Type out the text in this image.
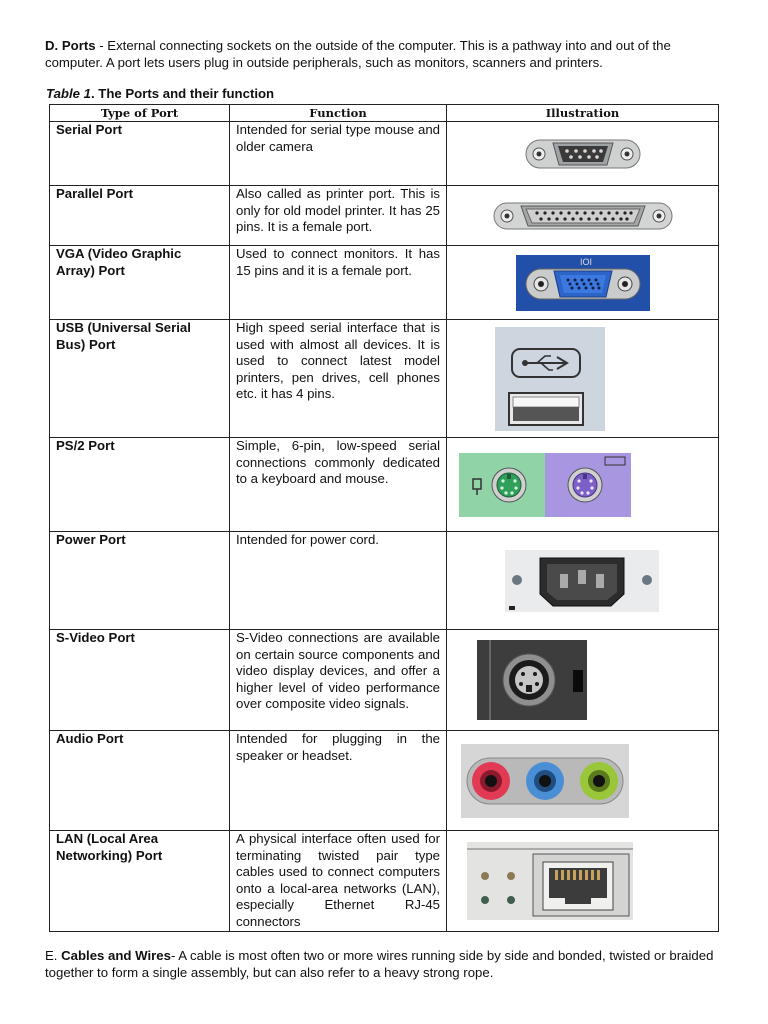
D. Ports - External connecting sockets on the outside of the computer. This is a pathway into and out of the computer. A port lets users plug in outside peripherals, such as monitors, scanners and printers.

Table 1. The Ports and their function

Type of Port	Function	Illustration
Serial Port	Intended for serial type mouse and older camera	

Parallel Port	Also called as printer port. This is only for old model printer. It has 25 pins. It is a female port.	

VGA (Video Graphic Array) Port	Used to connect monitors. It has 15 pins and it is a female port.	IOI

USB (Universal Serial Bus) Port	High speed serial interface that is used with almost all devices. It is used to connect latest model printers, pen drives, cell phones etc. it has 4 pins.	

PS/2 Port	Simple, 6-pin, low-speed serial connections commonly dedicated to a keyboard and mouse.	

Power Port	Intended for power cord.	

S-Video Port	S-Video connections are available on certain source components and video display devices, and offer a higher level of video performance over composite video signals.	

Audio Port	Intended for plugging in the speaker or headset.	

LAN (Local Area Networking) Port	A physical interface often used for terminating twisted pair type cables used to connect computers onto a local-area networks (LAN), especially Ethernet RJ-45 connectors	

E. Cables and Wires- A cable is most often two or more wires running side by side and bonded, twisted or braided together to form a single assembly, but can also refer to a heavy strong rope.
